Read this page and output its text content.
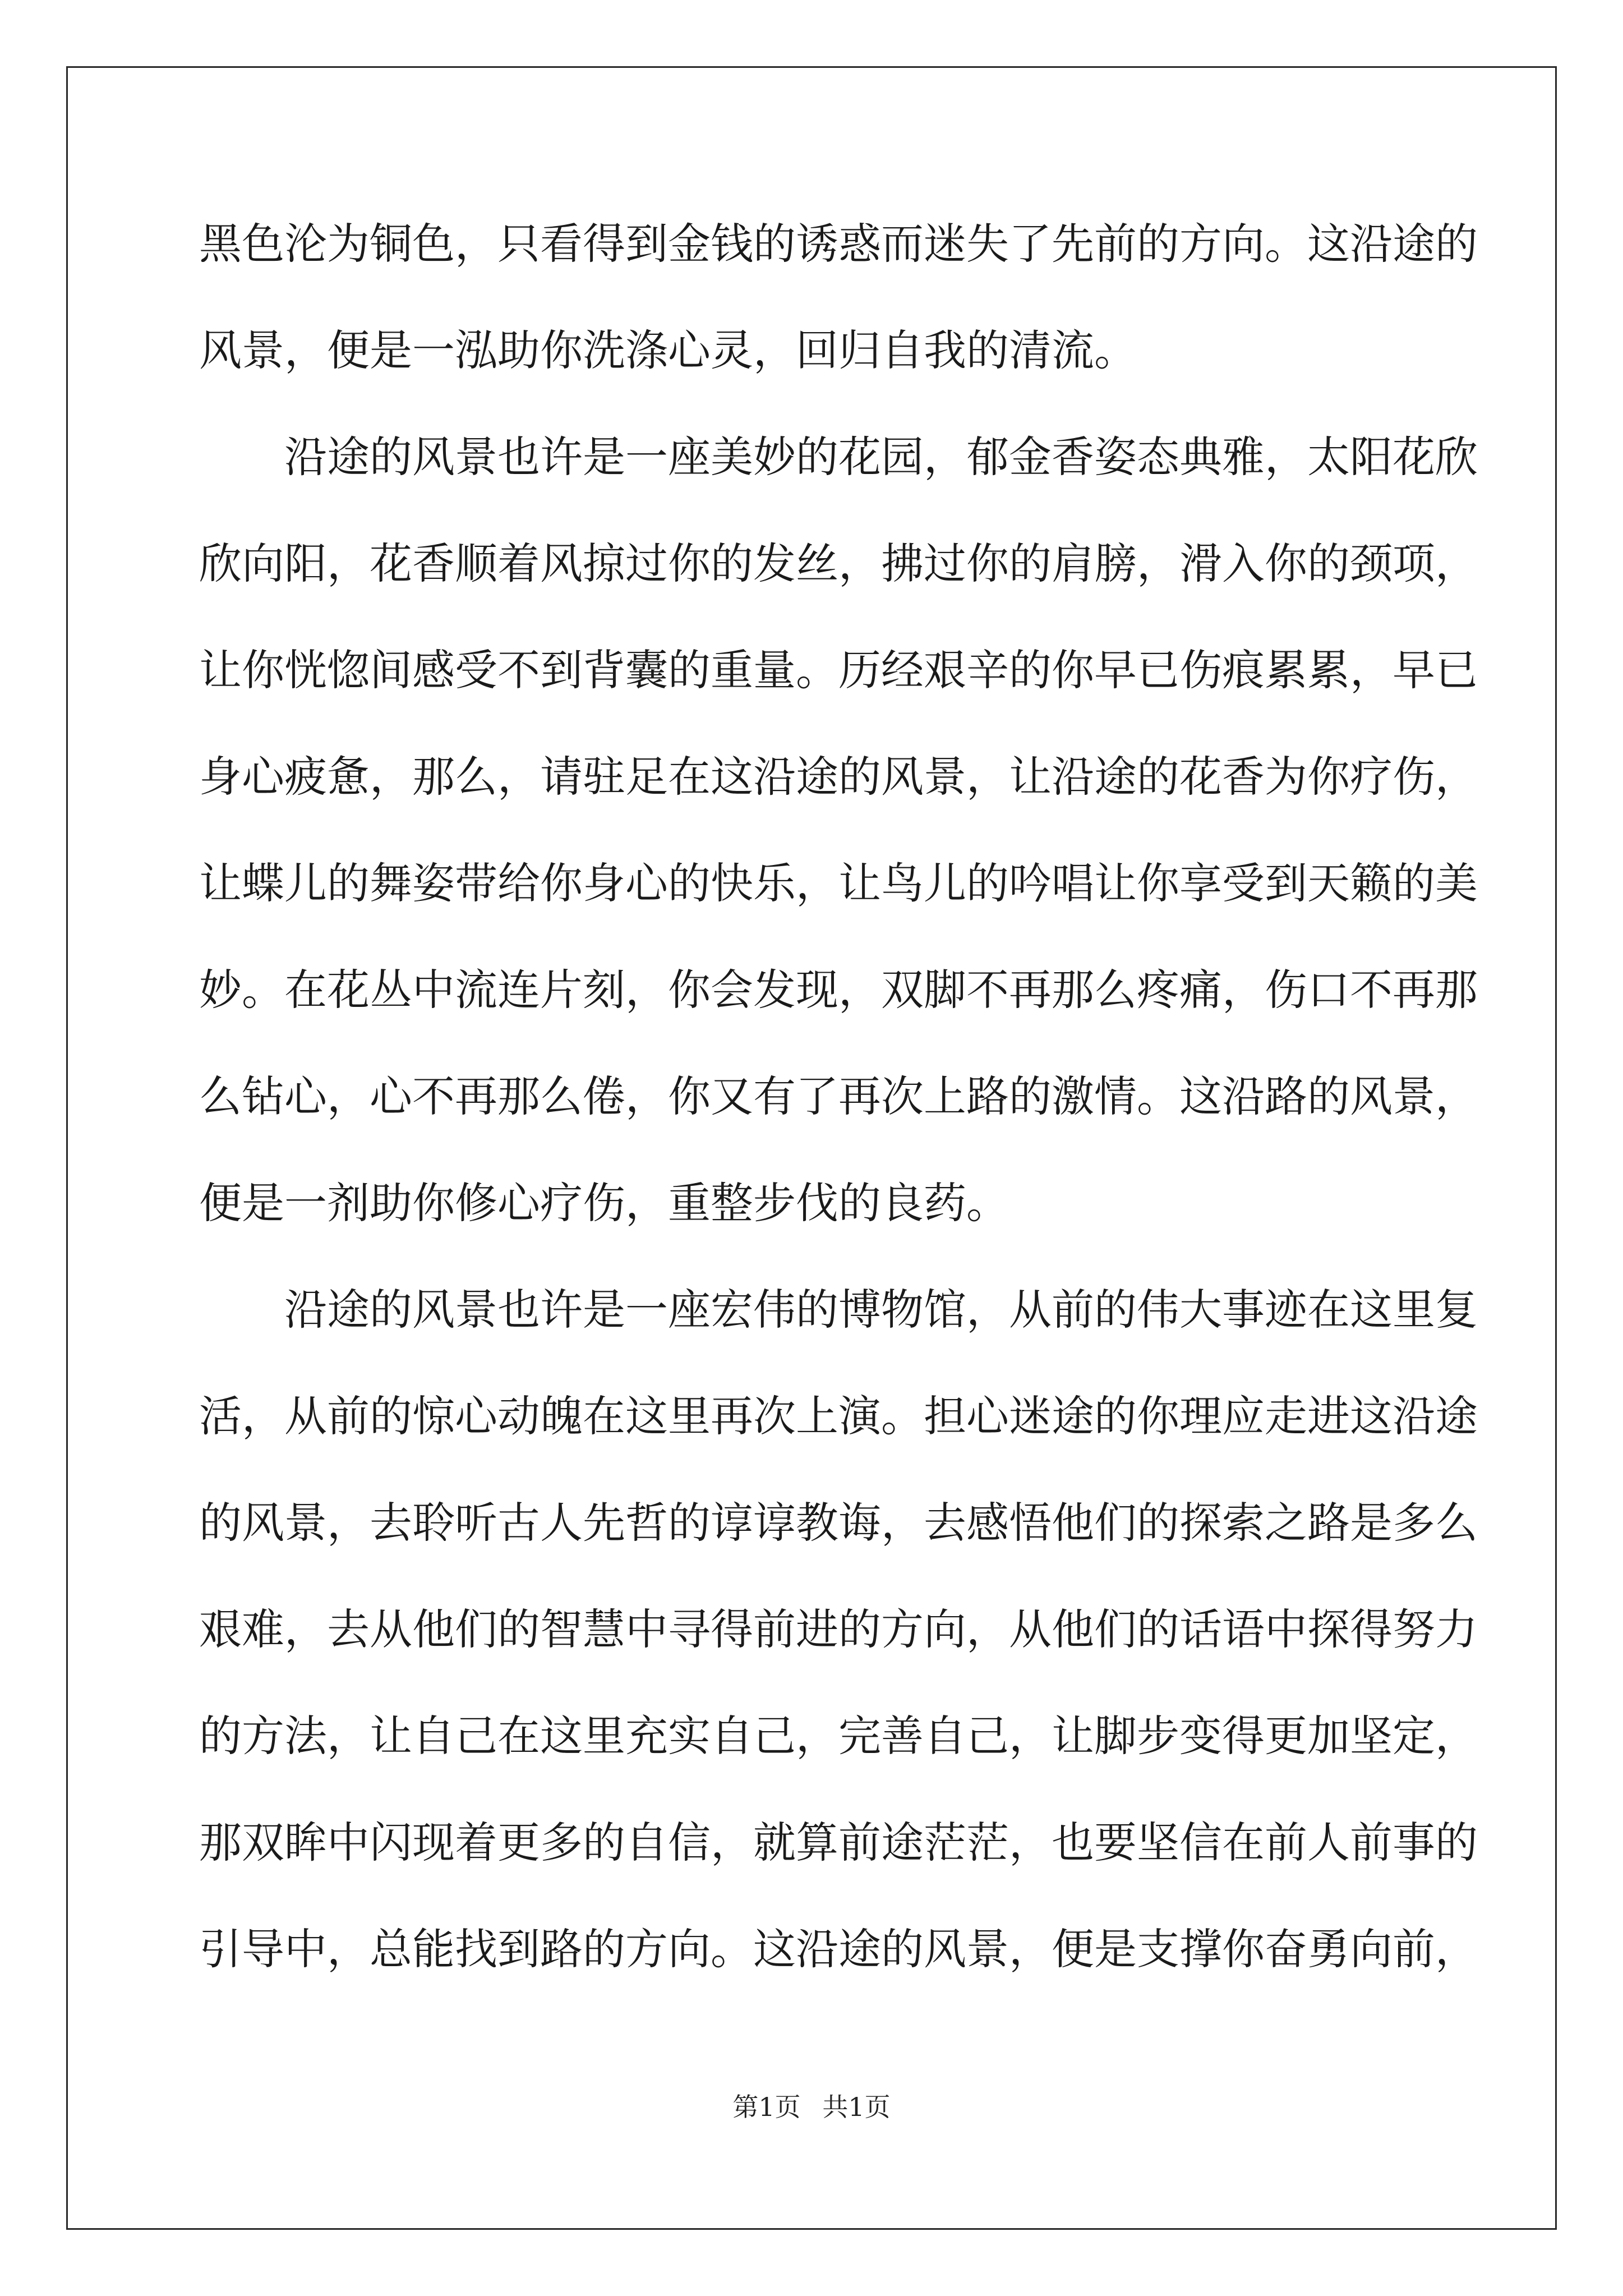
黑色沦为铜色，只看得到金钱的诱惑而迷失了先前的方向。这沿途的
风景，便是一泓助你洗涤心灵，回归自我的清流。
沿途的风景也许是一座美妙的花园，郁金香姿态典雅，太阳花欣
欣向阳，花香顺着风掠过你的发丝，拂过你的肩膀，滑入你的颈项，
让你恍惚间感受不到背囊的重量。历经艰辛的你早已伤痕累累，早已
身心疲惫，那么，请驻足在这沿途的风景，让沿途的花香为你疗伤，
让蝶儿的舞姿带给你身心的快乐，让鸟儿的吟唱让你享受到天籁的美
妙。在花丛中流连片刻，你会发现，双脚不再那么疼痛，伤口不再那
么钻心，心不再那么倦，你又有了再次上路的激情。这沿路的风景，
便是一剂助你修心疗伤，重整步伐的良药。
沿途的风景也许是一座宏伟的博物馆，从前的伟大事迹在这里复
活，从前的惊心动魄在这里再次上演。担心迷途的你理应走进这沿途
的风景，去聆听古人先哲的谆谆教诲，去感悟他们的探索之路是多么
艰难，去从他们的智慧中寻得前进的方向，从他们的话语中探得努力
的方法，让自己在这里充实自己，完善自己，让脚步变得更加坚定，
那双眸中闪现着更多的自信，就算前途茫茫，也要坚信在前人前事的
引导中，总能找到路的方向。这沿途的风景，便是支撑你奋勇向前，
第1页 共1页
